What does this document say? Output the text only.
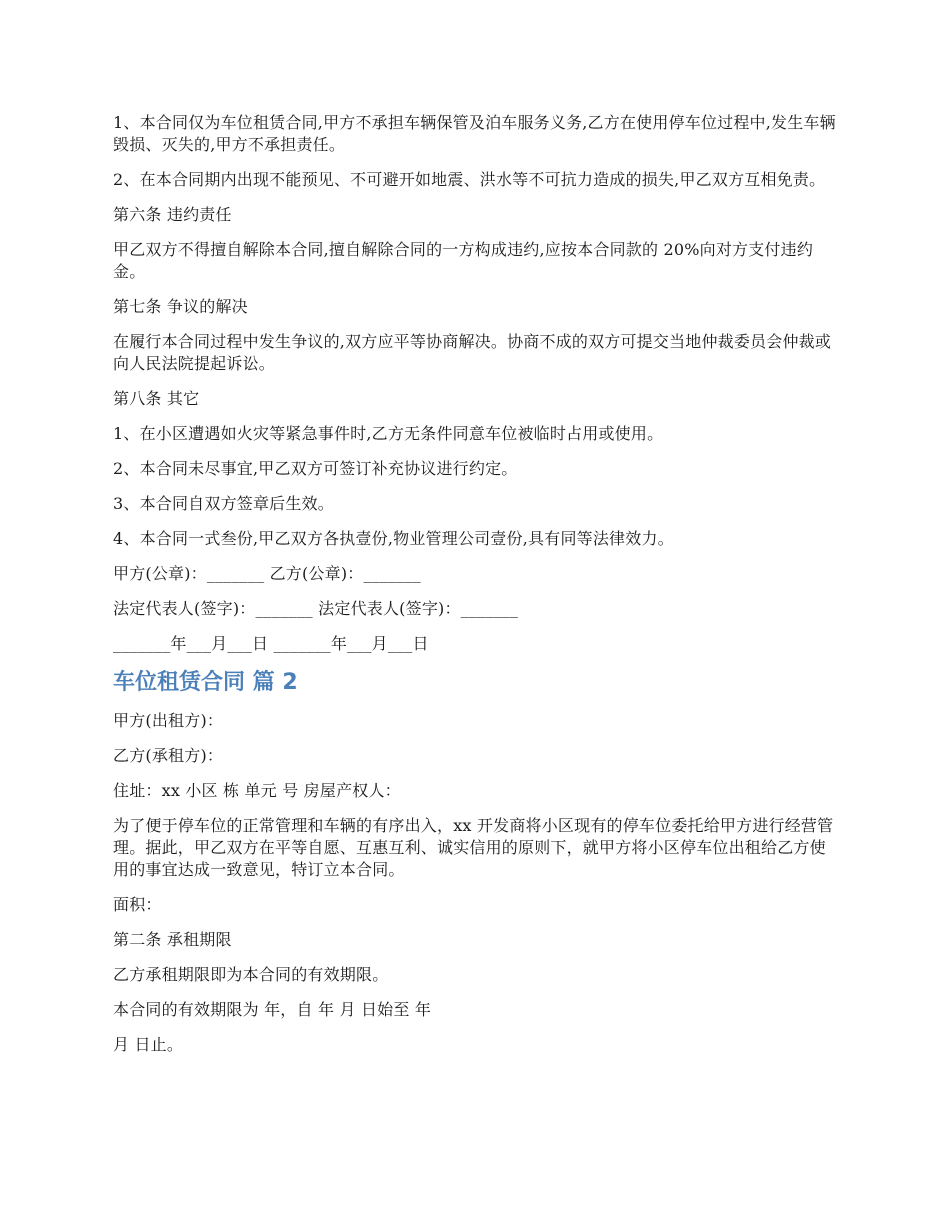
1、本合同仅为车位租赁合同,甲方不承担车辆保管及泊车服务义务,乙方在使用停车位过程中,发生车辆毁损、灭失的,甲方不承担责任。

2、在本合同期内出现不能预见、不可避开如地震、洪水等不可抗力造成的损失,甲乙双方互相免责。

第六条 违约责任

甲乙双方不得擅自解除本合同,擅自解除合同的一方构成违约,应按本合同款的 20%向对方支付违约金。

第七条 争议的解决

在履行本合同过程中发生争议的,双方应平等协商解决。协商不成的双方可提交当地仲裁委员会仲裁或向人民法院提起诉讼。

第八条 其它

1、在小区遭遇如火灾等紧急事件时,乙方无条件同意车位被临时占用或使用。

2、本合同未尽事宜,甲乙双方可签订补充协议进行约定。

3、本合同自双方签章后生效。

4、本合同一式叁份,甲乙双方各执壹份,物业管理公司壹份,具有同等法律效力。

甲方(公章)：_______ 乙方(公章)：_______

法定代表人(签字)：_______ 法定代表人(签字)：_______

_______年___月___日 _______年___月___日

车位租赁合同 篇 2

甲方(出租方)：

乙方(承租方)：

住址：xx 小区 栋 单元 号 房屋产权人：

为了便于停车位的正常管理和车辆的有序出入，xx 开发商将小区现有的停车位委托给甲方进行经营管理。据此，甲乙双方在平等自愿、互惠互利、诚实信用的原则下，就甲方将小区停车位出租给乙方使用的事宜达成一致意见，特订立本合同。

面积：

第二条 承租期限

乙方承租期限即为本合同的有效期限。

本合同的有效期限为 年，自 年 月 日始至 年

月 日止。
